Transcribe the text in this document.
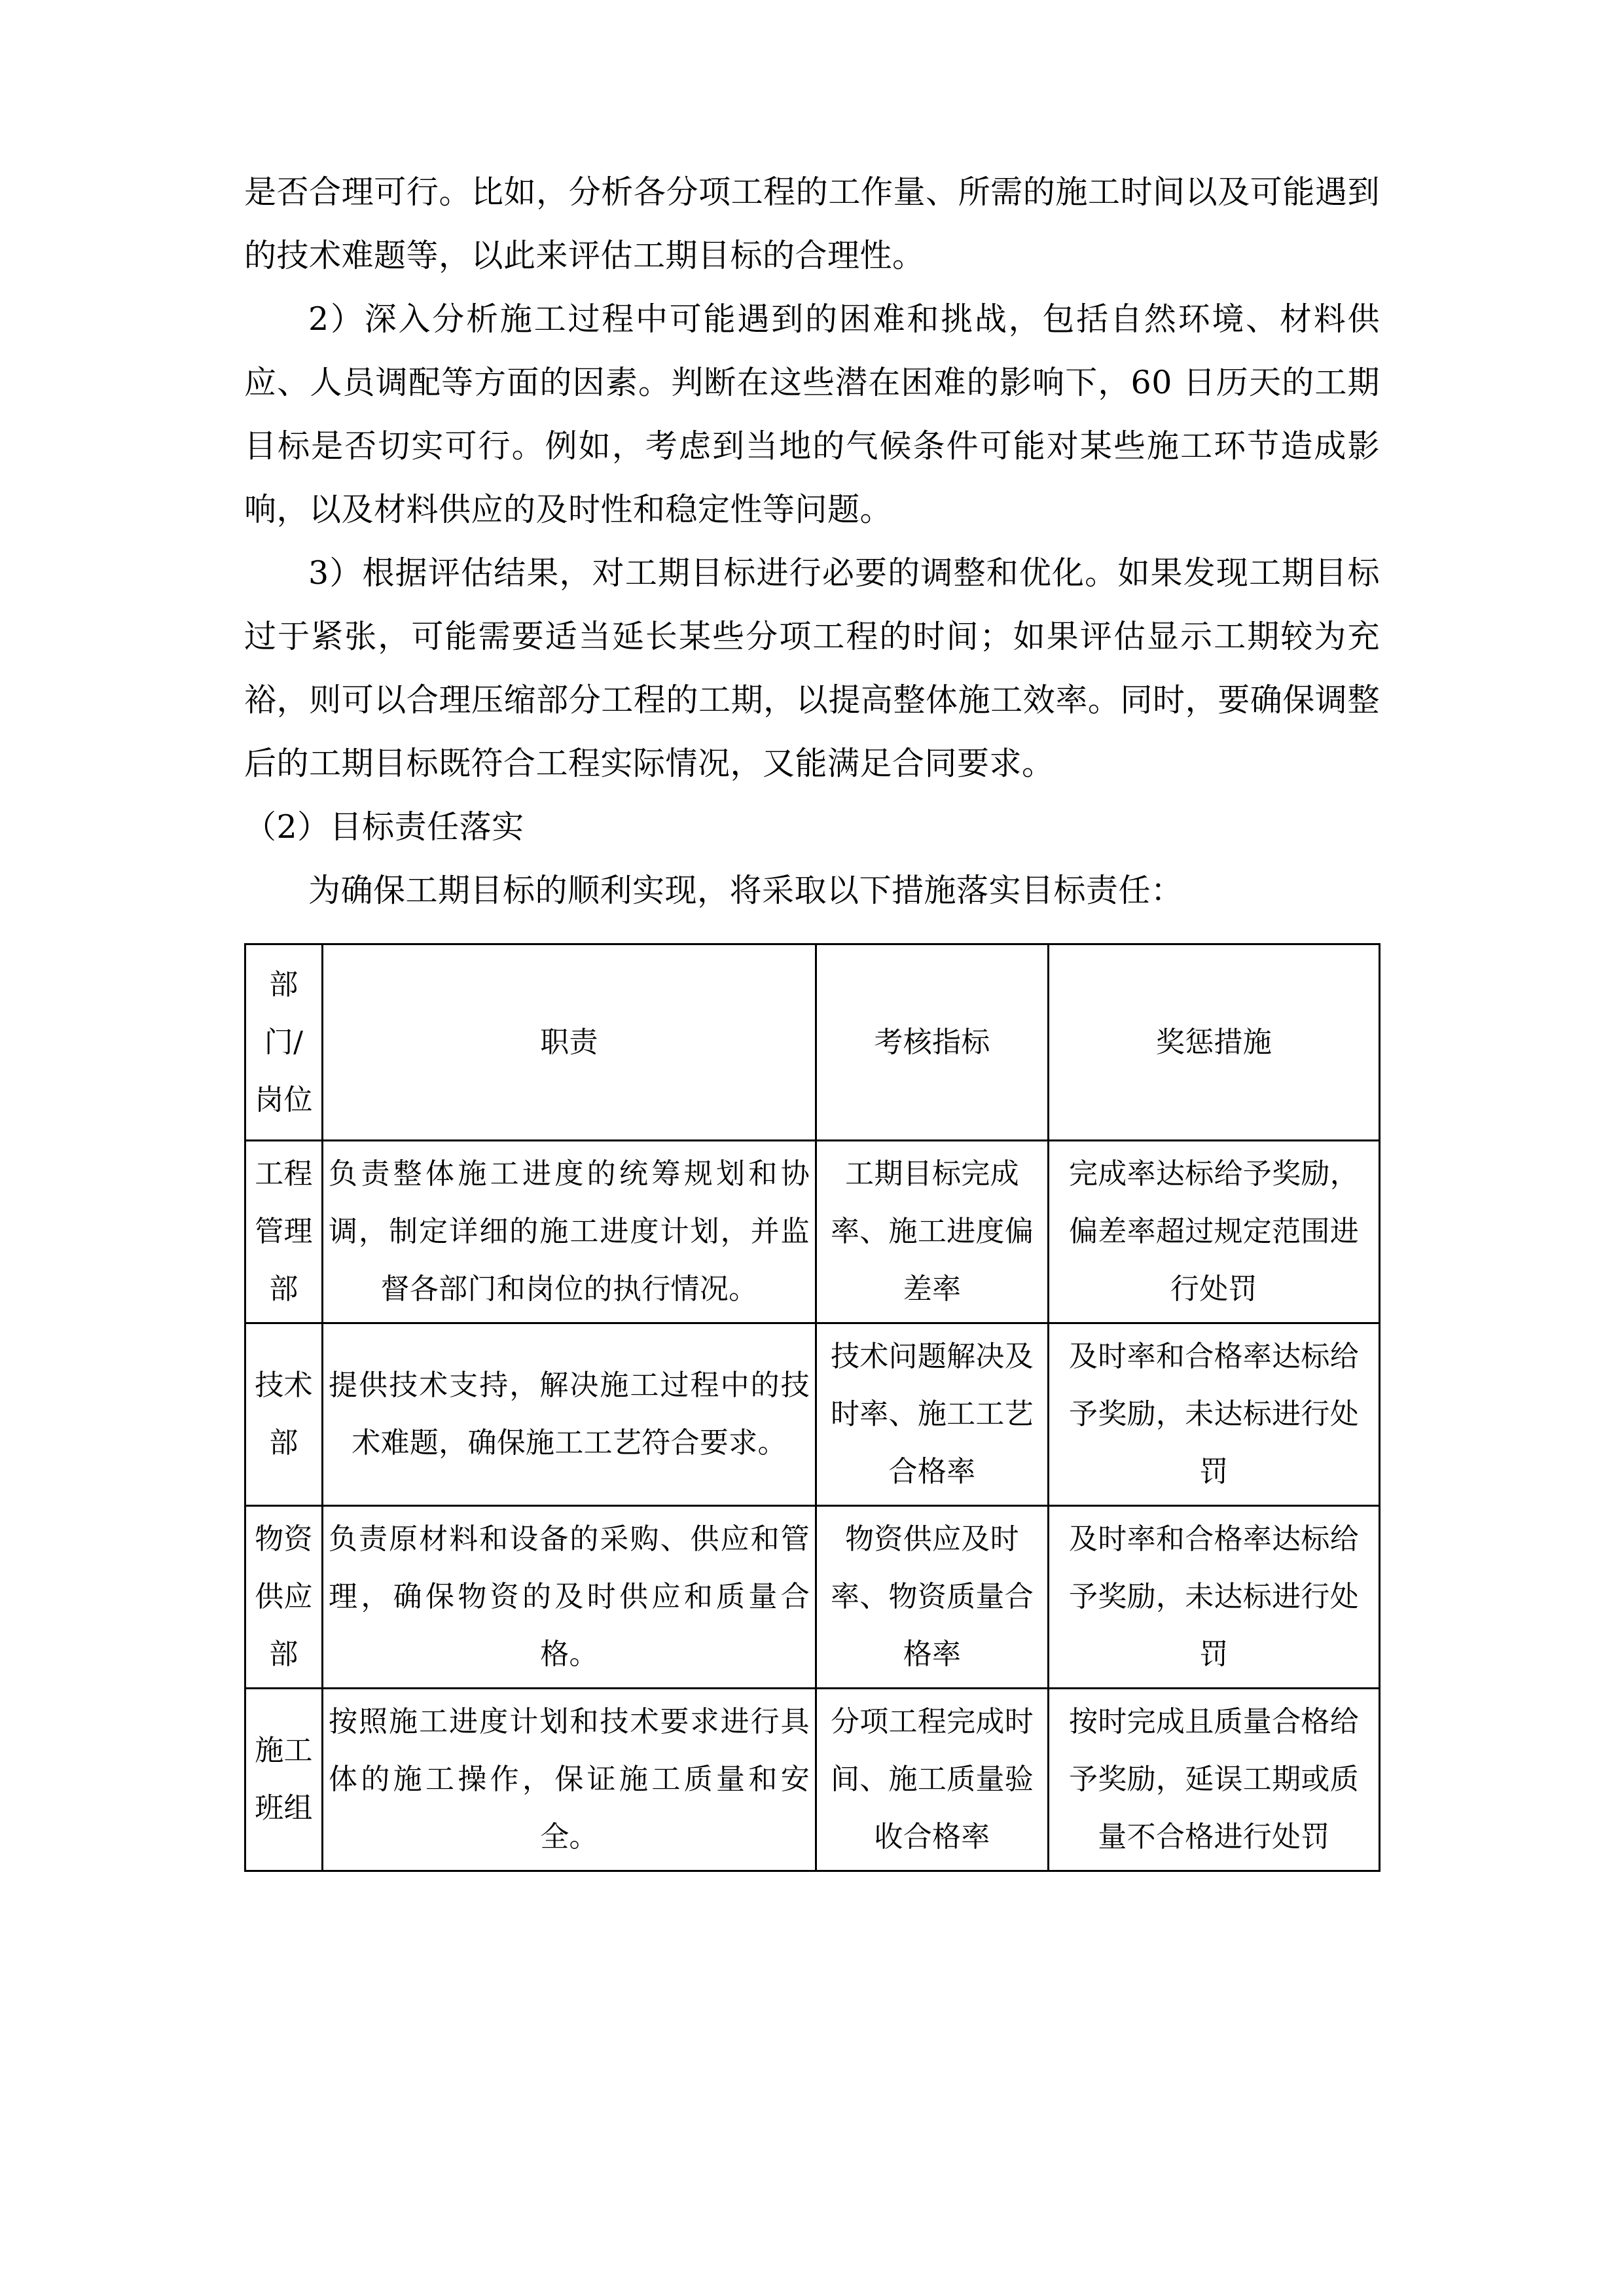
是否合理可行。比如，分析各分项工程的工作量、所需的施工时间以及可能遇到的技术难题等，以此来评估工期目标的合理性。

2）深入分析施工过程中可能遇到的困难和挑战，包括自然环境、材料供应、人员调配等方面的因素。判断在这些潜在困难的影响下，60 日历天的工期目标是否切实可行。例如，考虑到当地的气候条件可能对某些施工环节造成影响，以及材料供应的及时性和稳定性等问题。

3）根据评估结果，对工期目标进行必要的调整和优化。如果发现工期目标过于紧张，可能需要适当延长某些分项工程的时间；如果评估显示工期较为充裕，则可以合理压缩部分工程的工期，以提高整体施工效率。同时，要确保调整后的工期目标既符合工程实际情况，又能满足合同要求。

（2）目标责任落实

为确保工期目标的顺利实现，将采取以下措施落实目标责任：

部门/岗位	职责	考核指标	奖惩措施
工程管理部	负责整体施工进度的统筹规划和协调，制定详细的施工进度计划，并监督各部门和岗位的执行情况。	工期目标完成率、施工进度偏差率	完成率达标给予奖励，偏差率超过规定范围进行处罚
技术部	提供技术支持，解决施工过程中的技术难题，确保施工工艺符合要求。	技术问题解决及时率、施工工艺合格率	及时率和合格率达标给予奖励，未达标进行处罚
物资供应部	负责原材料和设备的采购、供应和管理，确保物资的及时供应和质量合格。	物资供应及时率、物资质量合格率	及时率和合格率达标给予奖励，未达标进行处罚
施工班组	按照施工进度计划和技术要求进行具体的施工操作，保证施工质量和安全。	分项工程完成时间、施工质量验收合格率	按时完成且质量合格给予奖励，延误工期或质量不合格进行处罚
